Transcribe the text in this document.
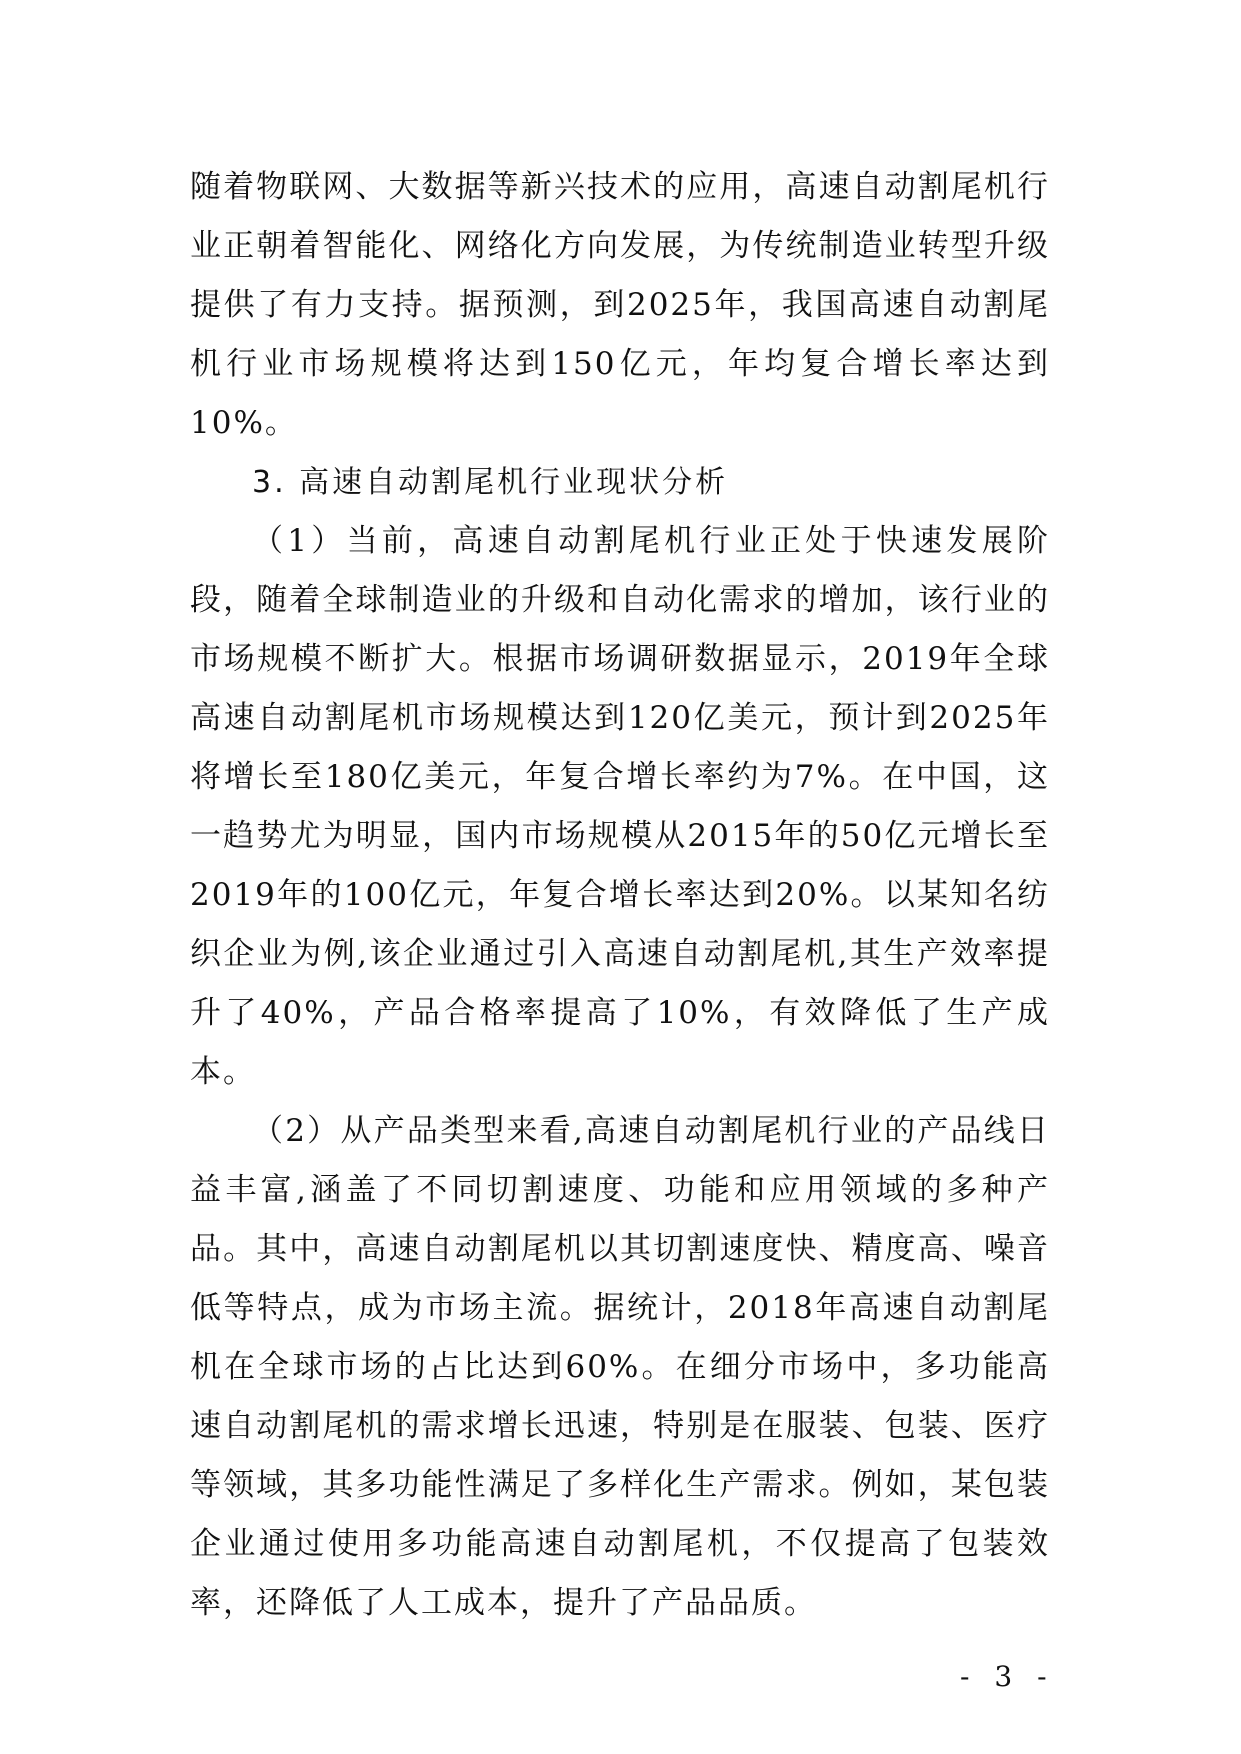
随着物联网、大数据等新兴技术的应用，高速自动割尾机行业正朝着智能化、网络化方向发展，为传统制造业转型升级提供了有力支持。据预测，到2025年，我国高速自动割尾机行业市场规模将达到150亿元，年均复合增长率达到10%。

3. 高速自动割尾机行业现状分析

（1）当前，高速自动割尾机行业正处于快速发展阶段，随着全球制造业的升级和自动化需求的增加，该行业的市场规模不断扩大。根据市场调研数据显示，2019年全球高速自动割尾机市场规模达到120亿美元，预计到2025年将增长至180亿美元，年复合增长率约为7%。在中国，这一趋势尤为明显，国内市场规模从2015年的50亿元增长至2019年的100亿元，年复合增长率达到20%。以某知名纺织企业为例,该企业通过引入高速自动割尾机,其生产效率提升了40%，产品合格率提高了10%，有效降低了生产成本。

（2）从产品类型来看,高速自动割尾机行业的产品线日益丰富,涵盖了不同切割速度、功能和应用领域的多种产品。其中，高速自动割尾机以其切割速度快、精度高、噪音低等特点，成为市场主流。据统计，2018年高速自动割尾机在全球市场的占比达到60%。在细分市场中，多功能高速自动割尾机的需求增长迅速，特别是在服装、包装、医疗等领域，其多功能性满足了多样化生产需求。例如，某包装企业通过使用多功能高速自动割尾机，不仅提高了包装效率，还降低了人工成本，提升了产品品质。

- 3 -
